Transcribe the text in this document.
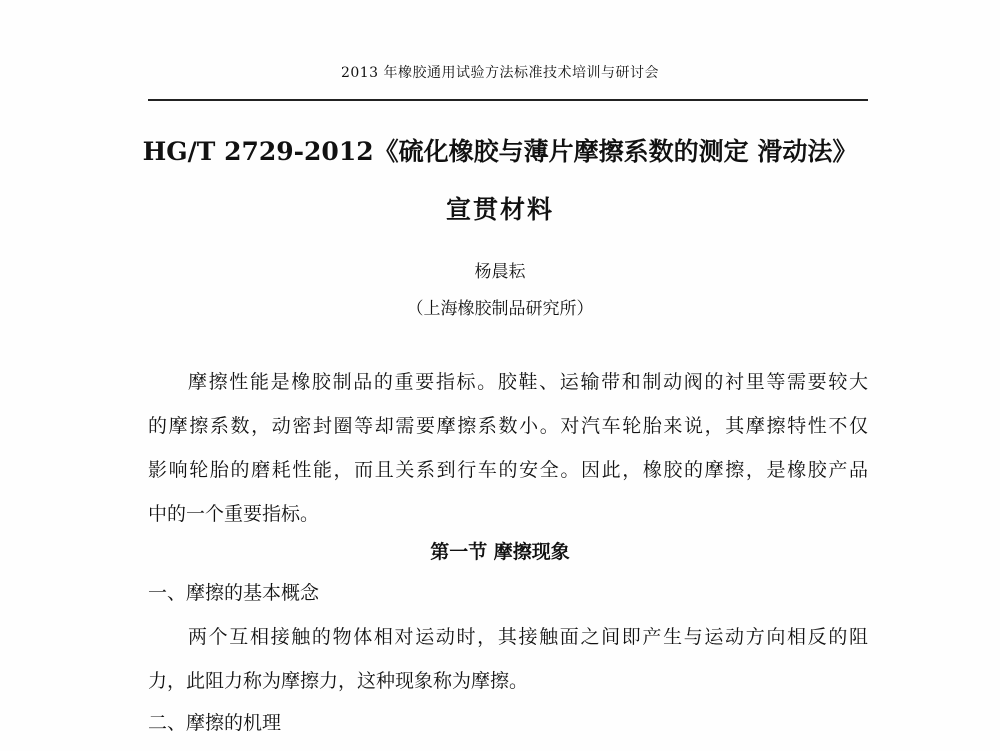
2013 年橡胶通用试验方法标准技术培训与研讨会
HG/T 2729-2012《硫化橡胶与薄片摩擦系数的测定 滑动法》
宣贯材料
杨晨耘
（上海橡胶制品研究所）
摩擦性能是橡胶制品的重要指标。胶鞋、运输带和制动阀的衬里等需要较大
的摩擦系数，动密封圈等却需要摩擦系数小。对汽车轮胎来说，其摩擦特性不仅
影响轮胎的磨耗性能，而且关系到行车的安全。因此，橡胶的摩擦，是橡胶产品
中的一个重要指标。
第一节 摩擦现象
一、摩擦的基本概念
两个互相接触的物体相对运动时，其接触面之间即产生与运动方向相反的阻
力，此阻力称为摩擦力，这种现象称为摩擦。
二、摩擦的机理
